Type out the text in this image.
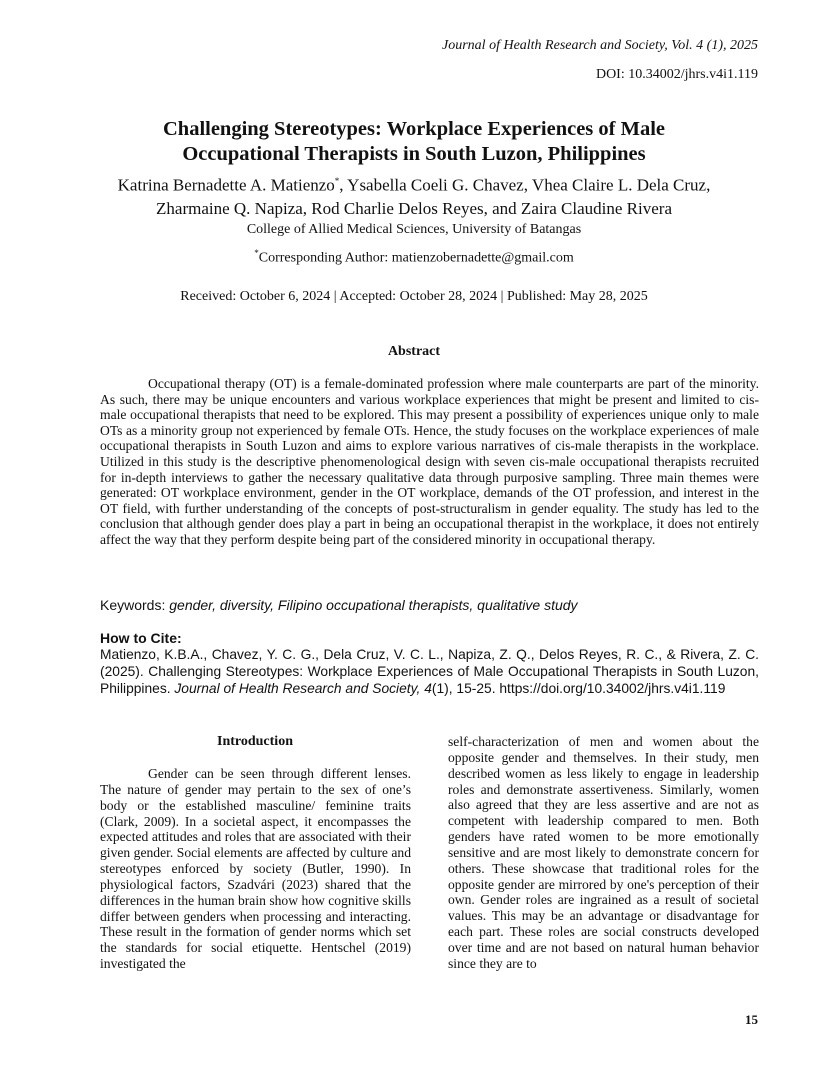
Journal of Health Research and Society, Vol. 4 (1), 2025
DOI: 10.34002/jhrs.v4i1.119
Challenging Stereotypes: Workplace Experiences of Male
Occupational Therapists in South Luzon, Philippines
Katrina Bernadette A. Matienzo*, Ysabella Coeli G. Chavez, Vhea Claire L. Dela Cruz, Zharmaine Q. Napiza, Rod Charlie Delos Reyes, and Zaira Claudine Rivera
College of Allied Medical Sciences, University of Batangas
*Corresponding Author: matienzobernadette@gmail.com
Received: October 6, 2024 | Accepted: October 28, 2024 | Published: May 28, 2025
Abstract

Occupational therapy (OT) is a female-dominated profession where male counterparts are part of the minority. As such, there may be unique encounters and various workplace experiences that might be present and limited to cis-male occupational therapists that need to be explored. This may present a possibility of experiences unique only to male OTs as a minority group not experienced by female OTs. Hence, the study focuses on the workplace experiences of male occupational therapists in South Luzon and aims to explore various narratives of cis-male therapists in the workplace. Utilized in this study is the descriptive phenomenological design with seven cis-male occupational therapists recruited for in-depth interviews to gather the necessary qualitative data through purposive sampling. Three main themes were generated: OT workplace environment, gender in the OT workplace, demands of the OT profession, and interest in the OT field, with further understanding of the concepts of post-structuralism in gender equality. The study has led to the conclusion that although gender does play a part in being an occupational therapist in the workplace, it does not entirely affect the way that they perform despite being part of the considered minority in occupational therapy.

Keywords: gender, diversity, Filipino occupational therapists, qualitative study
How to Cite:

Matienzo, K.B.A., Chavez, Y. C. G., Dela Cruz, V. C. L., Napiza, Z. Q., Delos Reyes, R. C., & Rivera, Z. C. (2025). Challenging Stereotypes: Workplace Experiences of Male Occupational Therapists in South Luzon, Philippines. Journal of Health Research and Society, 4(1), 15-25. https://doi.org/10.34002/jhrs.v4i1.119

Introduction

Gender can be seen through different lenses. The nature of gender may pertain to the sex of one’s body or the established masculine/ feminine traits (Clark, 2009). In a societal aspect, it encompasses the expected attitudes and roles that are associated with their given gender. Social elements are affected by culture and stereotypes enforced by society (Butler, 1990). In physiological factors, Szadvári (2023) shared that the differences in the human brain show how cognitive skills differ between genders when processing and interacting. These result in the formation of gender norms which set the standards for social etiquette. Hentschel (2019) investigated the

self-characterization of men and women about the opposite gender and themselves. In their study, men described women as less likely to engage in leadership roles and demonstrate assertiveness. Similarly, women also agreed that they are less assertive and are not as competent with leadership compared to men. Both genders have rated women to be more emotionally sensitive and are most likely to demonstrate concern for others. These showcase that traditional roles for the opposite gender are mirrored by one's perception of their own. Gender roles are ingrained as a result of societal values. This may be an advantage or disadvantage for each part. These roles are social constructs developed over time and are not based on natural human behavior since they are to

15
